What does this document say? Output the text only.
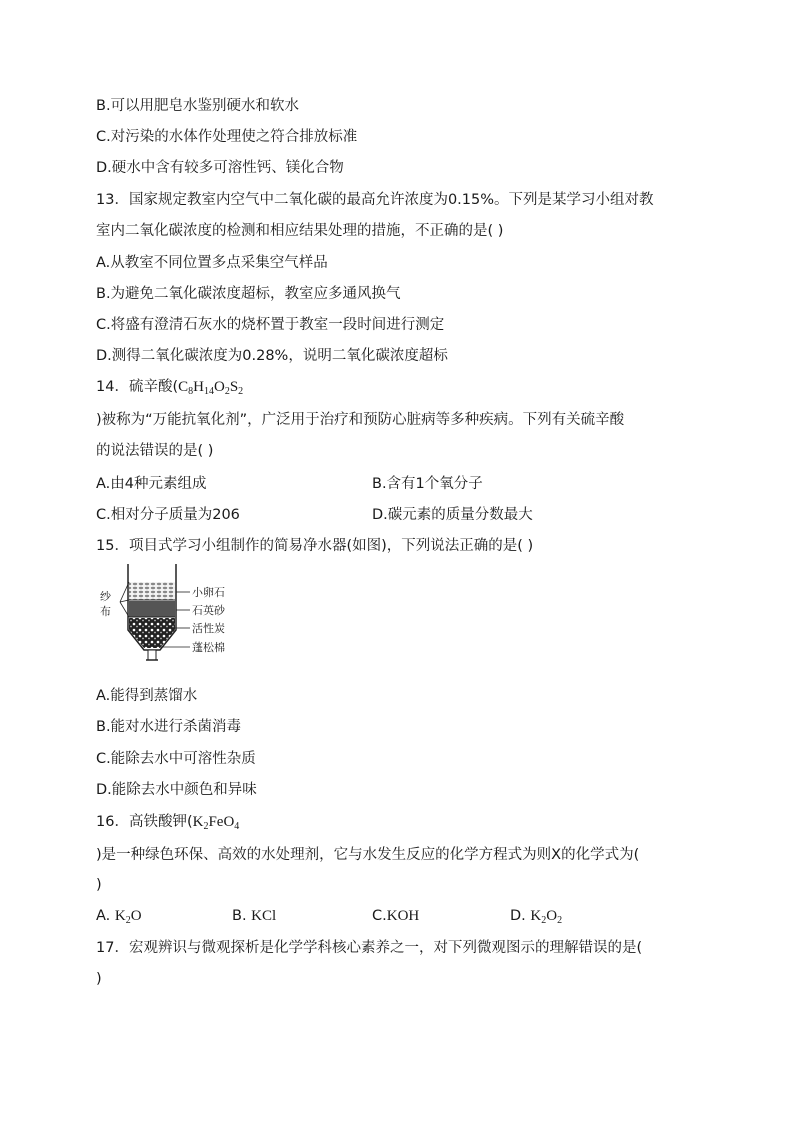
B.可以用肥皂水鉴别硬水和软水
C.对污染的水体作处理使之符合排放标准
D.硬水中含有较多可溶性钙、镁化合物
13．国家规定教室内空气中二氧化碳的最高允许浓度为0.15%。下列是某学习小组对教
室内二氧化碳浓度的检测和相应结果处理的措施，不正确的是( )
A.从教室不同位置多点采集空气样品
B.为避免二氧化碳浓度超标，教室应多通风换气
C.将盛有澄清石灰水的烧杯置于教室一段时间进行测定
D.测得二氧化碳浓度为0.28%，说明二氧化碳浓度超标
14．硫辛酸($C_8H_{14}O_2S_2$
)被称为“万能抗氧化剂”，广泛用于治疗和预防心脏病等多种疾病。下列有关硫辛酸
的说法错误的是( )
A.由4种元素组成	B.含有1个氧分子
C.相对分子质量为206	D.碳元素的质量分数最大
15．项目式学习小组制作的简易净水器(如图)，下列说法正确的是( )
纱
布
小卵石
石英砂
活性炭
蓬松棉
A.能得到蒸馏水
B.能对水进行杀菌消毒
C.能除去水中可溶性杂质
D.能除去水中颜色和异味
16．高铁酸钾($K_2FeO_4$
)是一种绿色环保、高效的水处理剂，它与水发生反应的化学方程式为则X的化学式为(
)
A. $K_2O$	B. KCl	C.KOH	D. $K_2O_2$
17．宏观辨识与微观探析是化学学科核心素养之一，对下列微观图示的理解错误的是(
)
